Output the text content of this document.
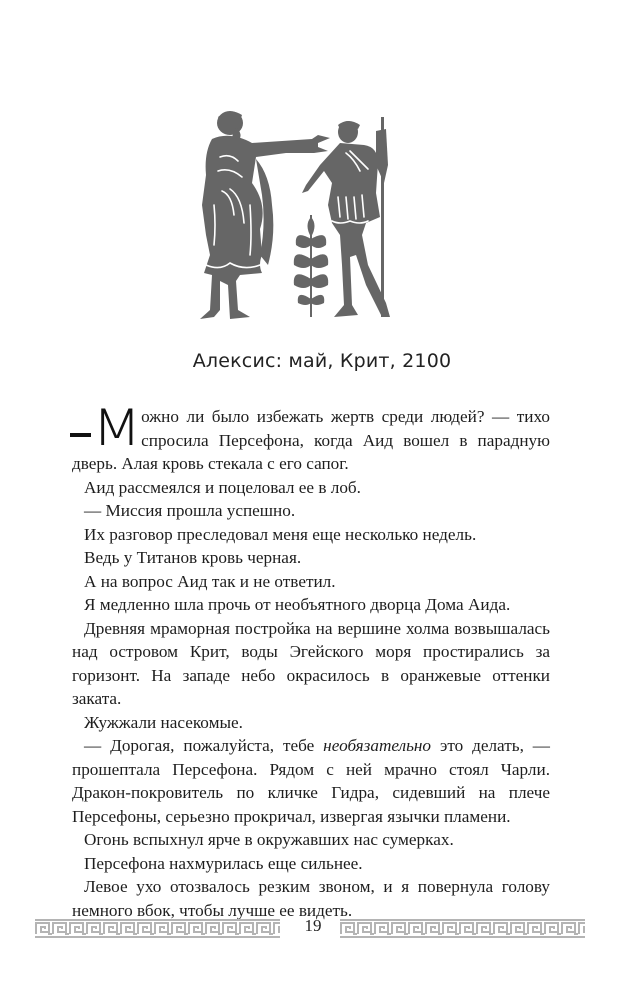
Алексис: май, Крит, 2100

Можно ли было избежать жертв среди людей? — тихо спросила Персефона, когда Аид вошел в парадную дверь. Алая кровь стекала с его сапог.

Аид рассмеялся и поцеловал ее в лоб.

— Миссия прошла успешно.

Их разговор преследовал меня еще несколько недель.

Ведь у Титанов кровь черная.

А на вопрос Аид так и не ответил.

Я медленно шла прочь от необъятного дворца Дома Аида.

Древняя мраморная постройка на вершине холма возвышалась над островом Крит, воды Эгейского моря простирались за горизонт. На западе небо окрасилось в оранжевые оттенки заката.

Жужжали насекомые.

— Дорогая, пожалуйста, тебе необязательно это делать, — прошептала Персефона. Рядом с ней мрачно стоял Чарли. Дракон-покровитель по кличке Гидра, сидевший на плече Персефоны, серьезно прокричал, извергая язычки пламени.

Огонь вспыхнул ярче в окружавших нас сумерках.

Персефона нахмурилась еще сильнее.

Левое ухо отозвалось резким звоном, и я повернула голову немного вбок, чтобы лучше ее видеть.

19
